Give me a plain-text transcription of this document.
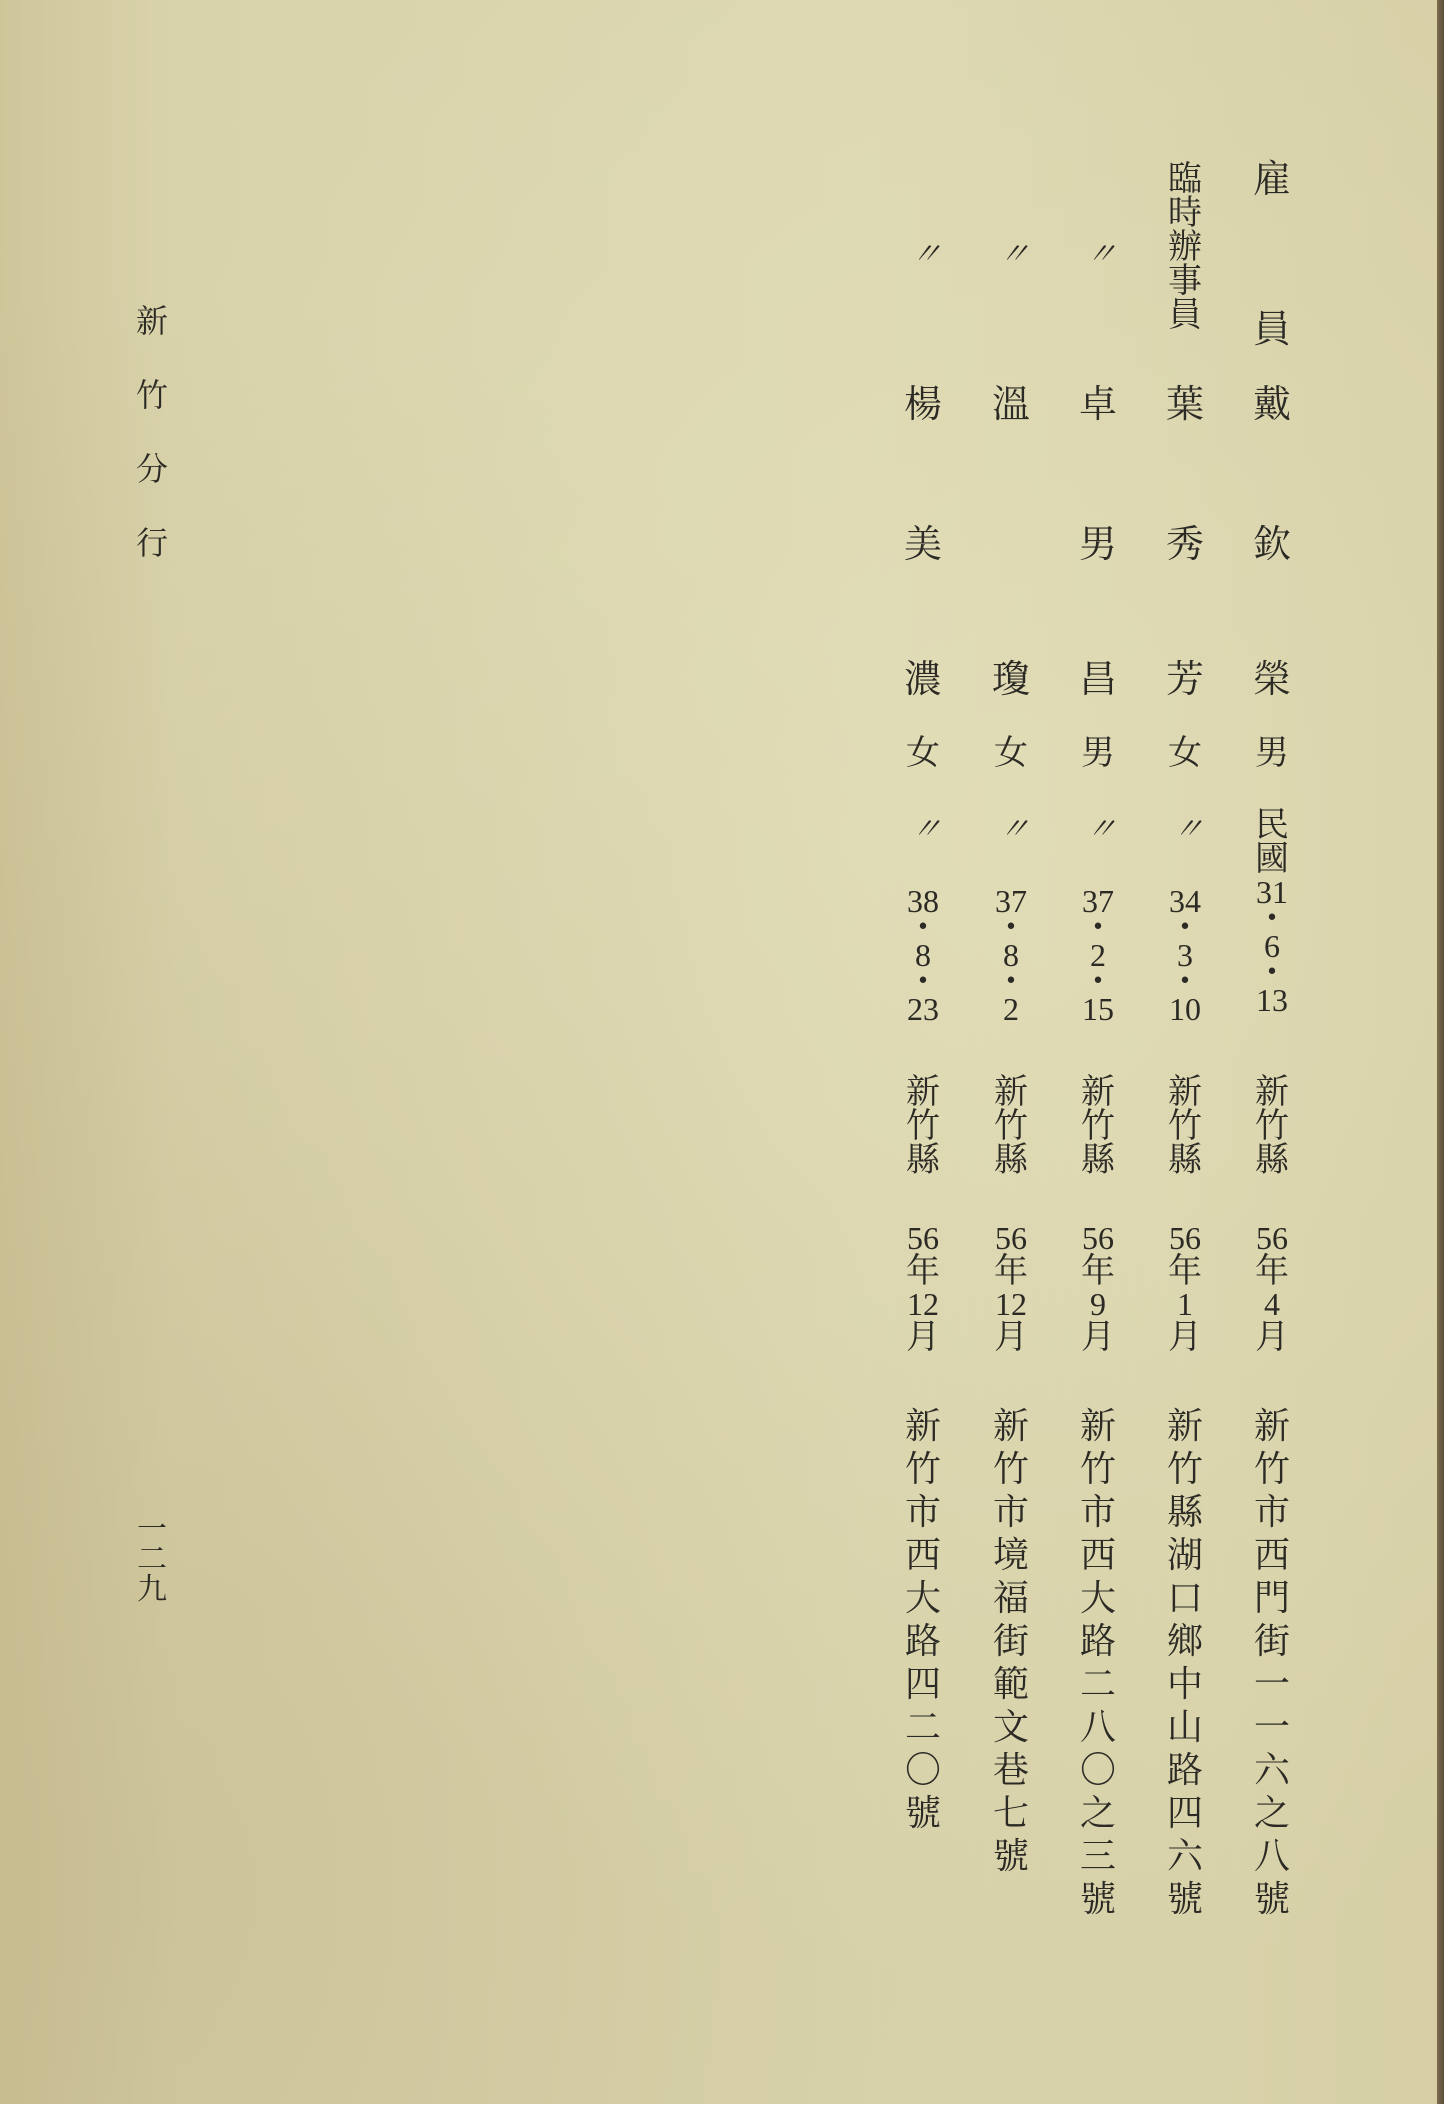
新
竹
分
行
一
二
九
雇
員
戴
欽
榮
男
民
國
31
•
6
•
13
新
竹
縣
56
年
4
月
新竹市西門街一一六之八號
臨
時
辦
事
員
葉
秀
芳
女
〃
34
•
3
•
10
新
竹
縣
56
年
1
月
新竹縣湖口鄉中山路四六號
〃
卓
男
昌
男
〃
37
•
2
•
15
新
竹
縣
56
年
9
月
新竹市西大路二八〇之三號
〃
溫
瓊
女
〃
37
•
8
•
2
新
竹
縣
56
年
12
月
新竹市境福街範文巷七號
〃
楊
美
濃
女
〃
38
•
8
•
23
新
竹
縣
56
年
12
月
新竹市西大路四二〇號
